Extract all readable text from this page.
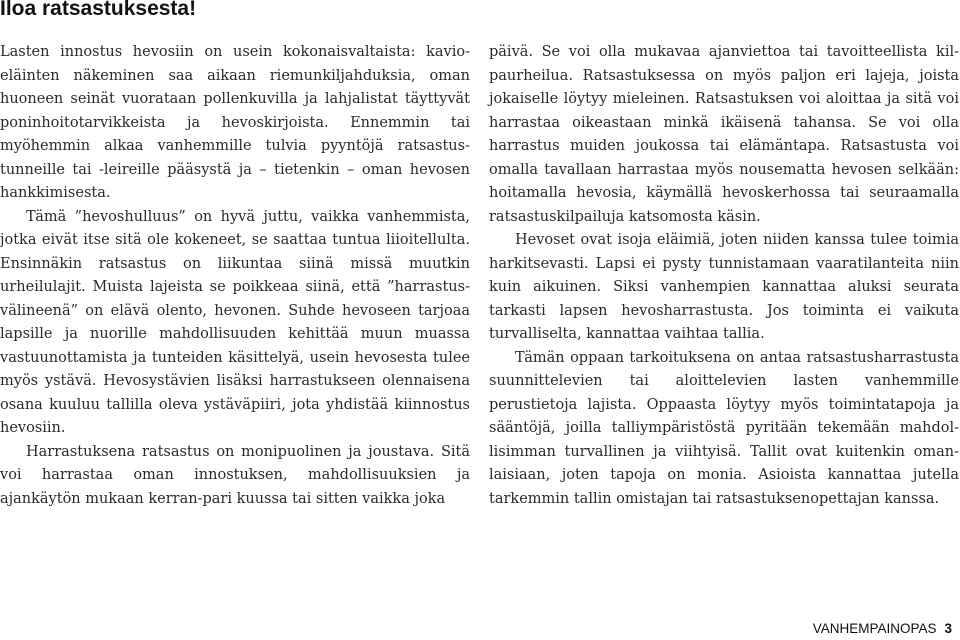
Iloa ratsastuksesta!

Lasten innostus hevosiin on usein kokonaisvaltaista: kavioeläinten näkeminen saa aikaan riemunkiljahduksia, oman huoneen seinät vuorataan pollenkuvilla ja lahjalistat täyttyvät poninhoitotarvikkeista ja hevoskirjoista. Ennemmin tai myöhemmin alkaa vanhemmille tulvia pyyntöjä ratsastustunneille tai -leireille pääsystä ja – tietenkin – oman hevosen hankkimisesta.

Tämä ”hevoshulluus” on hyvä juttu, vaikka vanhemmista, jotka eivät itse sitä ole kokeneet, se saattaa tuntua liioitellulta. Ensinnäkin ratsastus on liikuntaa siinä missä muutkin urheilulajit. Muista lajeista se poikkeaa siinä, että ”harrastusvälineenä” on elävä olento, hevonen. Suhde hevoseen tarjoaa lapsille ja nuorille mahdollisuuden kehittää muun muassa vastuunottamista ja tunteiden käsittelyä, usein hevosesta tulee myös ystävä. Hevosystävien lisäksi harrastukseen olennaisena osana kuuluu tallilla oleva ystäväpiiri, jota yhdistää kiinnostus hevosiin.

Harrastuksena ratsastus on monipuolinen ja joustava. Sitä voi harrastaa oman innostuksen, mahdollisuuksien ja ajankäytön mukaan kerran-pari kuussa tai sitten vaikka joka

päivä. Se voi olla mukavaa ajanviettoa tai tavoitteellista kilpaurheilua. Ratsastuksessa on myös paljon eri lajeja, joista jokaiselle löytyy mieleinen. Ratsastuksen voi aloittaa ja sitä voi harrastaa oikeastaan minkä ikäisenä tahansa. Se voi olla harrastus muiden joukossa tai elämäntapa. Ratsastusta voi omalla tavallaan harrastaa myös nousematta hevosen selkään: hoitamalla hevosia, käymällä hevoskerhossa tai seuraamalla ratsastuskilpailuja katsomosta käsin.

Hevoset ovat isoja eläimiä, joten niiden kanssa tulee toimia harkitsevasti. Lapsi ei pysty tunnistamaan vaaratilanteita niin kuin aikuinen. Siksi vanhempien kannattaa aluksi seurata tarkasti lapsen hevosharrastusta. Jos toiminta ei vaikuta turvalliselta, kannattaa vaihtaa tallia.

Tämän oppaan tarkoituksena on antaa ratsastusharrastusta suunnittelevien tai aloittelevien lasten vanhemmille perustietoja lajista. Oppaasta löytyy myös toimintatapoja ja sääntöjä, joilla talliympäristöstä pyritään tekemään mahdollisimman turvallinen ja viihtyisä. Tallit ovat kuitenkin omanlaisiaan, joten tapoja on monia. Asioista kannattaa jutella tarkemmin tallin omistajan tai ratsastuksenopettajan kanssa.

VANHEMPAINOPAS 3
